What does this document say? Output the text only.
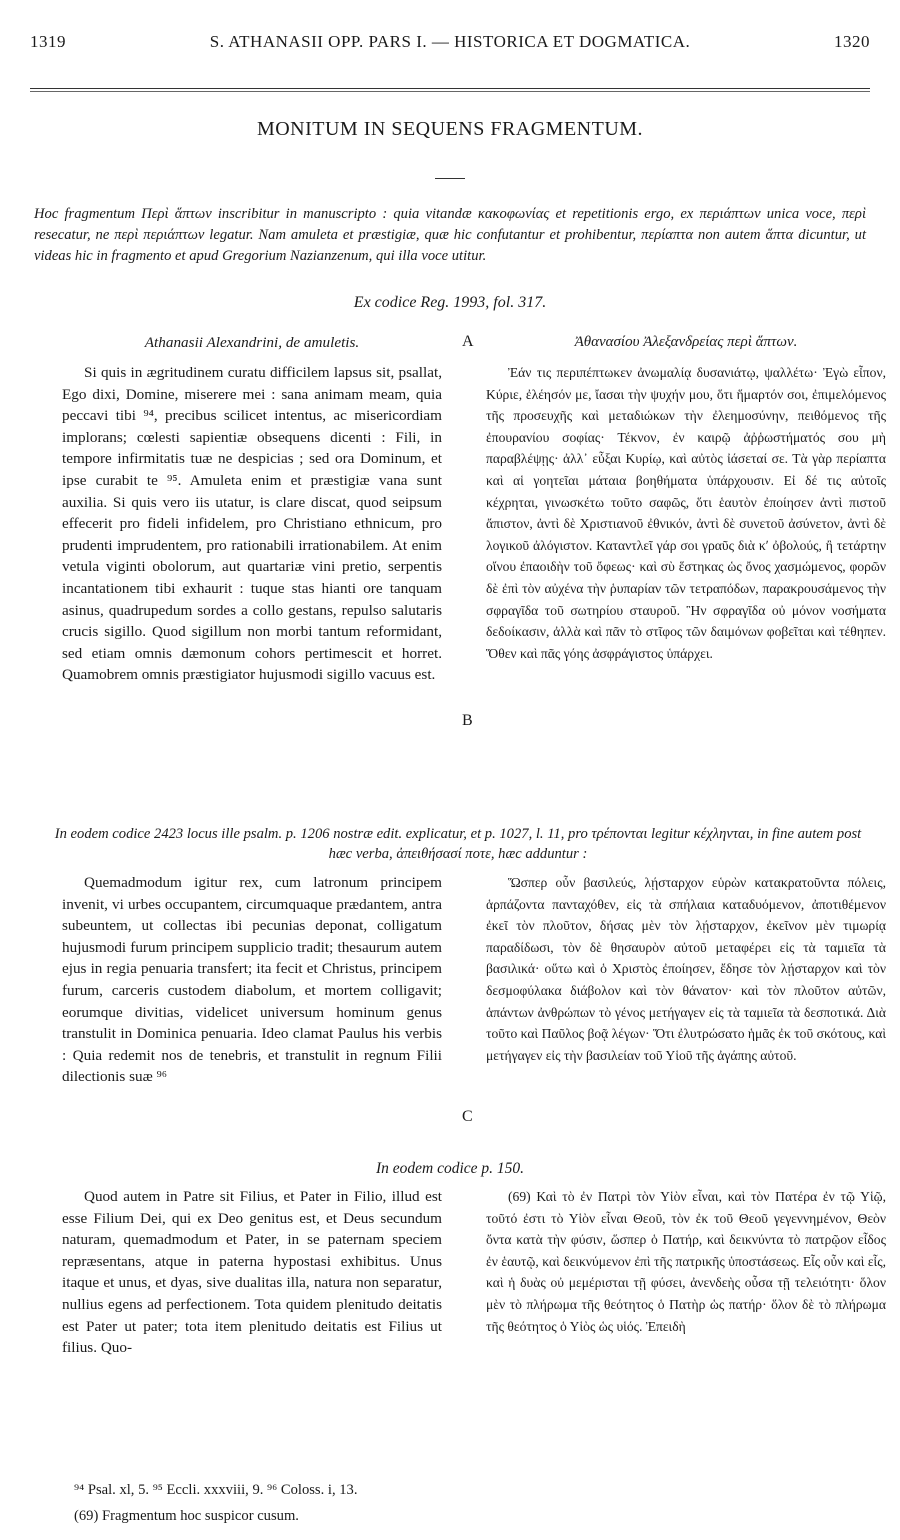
1319	S. ATHANASII OPP. PARS I. — HISTORICA ET DOGMATICA.	1320
MONITUM IN SEQUENS FRAGMENTUM.
Hoc fragmentum Περὶ ἅπτων inscribitur in manuscripto : quia vitandæ κακοφωνίας et repetitionis ergo, ex περιάπτων unica voce, περὶ resecatur, ne περὶ περιάπτων legatur. Nam amuleta et præstigiæ, quæ hic confutantur et prohibentur, περίαπτα non autem ἅπτα dicuntur, ut videas hic in fragmento et apud Gregorium Nazianzenum, qui illa voce utitur.
Ex codice Reg. 1993, fol. 317.
Athanasii Alexandrini, de amuletis.	A	Ἀθανασίου Ἀλεξανδρείας περὶ ἅπτων.

Si quis in ægritudinem curatu difficilem lapsus sit, psallat, Ego dixi, Domine, miserere mei : sana animam meam, quia peccavi tibi ⁹⁴, precibus scilicet intentus, ac misericordiam implorans; cœlesti sapientiæ obsequens dicenti : Fili, in tempore infirmitatis tuæ ne despicias ; sed ora Dominum, et ipse curabit te ⁹⁵. Amuleta enim et præstigiæ vana sunt auxilia. Si quis vero iis utatur, is clare discat, quod seipsum effecerit pro fideli infidelem, pro Christiano ethnicum, pro prudenti imprudentem, pro rationabili irrationabilem. At enim vetula viginti obolorum, aut quartariæ vini pretio, serpentis incantationem tibi exhaurit : tuque stas hianti ore tanquam asinus, quadrupedum sordes a collo gestans, repulso salutaris crucis sigillo. Quod sigillum non morbi tantum reformidant, sed etiam omnis dæmonum cohors pertimescit et horret. Quamobrem omnis præstigiator hujusmodi sigillo vacuus est.

B

Ἐάν τις περιπέπτωκεν ἀνωμαλίᾳ δυσανιάτῳ, ψαλλέτω· Ἐγὼ εἶπον, Κύριε, ἐλέησόν με, ἴασαι τὴν ψυχήν μου, ὅτι ἥμαρτόν σοι, ἐπιμελόμενος τῆς προσευχῆς καὶ μεταδιώκων τὴν ἐλεημοσύνην, πειθόμενος τῆς ἐπουρανίου σοφίας· Τέκνον, ἐν καιρῷ ἀῤῥωστήματός σου μὴ παραβλέψῃς· ἀλλ᾽ εὖξαι Κυρίῳ, καὶ αὐτὸς ἰάσεταί σε. Τὰ γὰρ περίαπτα καὶ αἱ γοητεῖαι μάταια βοηθήματα ὑπάρχουσιν. Εἰ δέ τις αὐτοῖς κέχρηται, γινωσκέτω τοῦτο σαφῶς, ὅτι ἑαυτὸν ἐποίησεν ἀντὶ πιστοῦ ἄπιστον, ἀντὶ δὲ Χριστιανοῦ ἐθνικόν, ἀντὶ δὲ συνετοῦ ἀσύνετον, ἀντὶ δὲ λογικοῦ ἀλόγιστον. Καταντλεῖ γάρ σοι γραῦς διὰ κʹ ὀβολούς, ἢ τετάρτην οἴνου ἐπαοιδὴν τοῦ ὄφεως· καὶ σὺ ἕστηκας ὡς ὄνος χασμώμενος, φορῶν δὲ ἐπὶ τὸν αὐχένα τὴν ῥυπαρίαν τῶν τετραπόδων, παρακρουσάμενος τὴν σφραγῖδα τοῦ σωτηρίου σταυροῦ. Ἣν σφραγῖδα οὐ μόνον νοσήματα δεδοίκασιν, ἀλλὰ καὶ πᾶν τὸ στῖφος τῶν δαιμόνων φοβεῖται καὶ τέθηπεν. Ὅθεν καὶ πᾶς γόης ἀσφράγιστος ὑπάρχει.

In eodem codice 2423 locus ille psalm. p. 1206 nostræ edit. explicatur, et p. 1027, l. 11, pro τρέπονται legitur κέχληνται, in fine autem post hæc verba, ἀπειθήσασί ποτε, hæc adduntur :

Quemadmodum igitur rex, cum latronum principem invenit, vi urbes occupantem, circumquaque prædantem, antra subeuntem, ut collectas ibi pecunias deponat, colligatum hujusmodi furum principem supplicio tradit; thesaurum autem ejus in regia penuaria transfert; ita fecit et Christus, principem furum, carceris custodem diabolum, et mortem colligavit; eorumque divitias, videlicet universum hominum genus transtulit in Dominica penuaria. Ideo clamat Paulus his verbis : Quia redemit nos de tenebris, et transtulit in regnum Filii dilectionis suæ ⁹⁶

C

Ὥσπερ οὖν βασιλεύς, λῄσταρχον εὑρὼν κατακρατοῦντα πόλεις, ἁρπάζοντα πανταχόθεν, εἰς τὰ σπήλαια καταδυόμενον, ἀποτιθέμενον ἐκεῖ τὸν πλοῦτον, δήσας μὲν τὸν λῄσταρχον, ἐκεῖνον μὲν τιμωρίᾳ παραδίδωσι, τὸν δὲ θησαυρὸν αὐτοῦ μεταφέρει εἰς τὰ ταμιεῖα τὰ βασιλικά· οὕτω καὶ ὁ Χριστὸς ἐποίησεν, ἔδησε τὸν λῄσταρχον καὶ τὸν δεσμοφύλακα διάβολον καὶ τὸν θάνατον· καὶ τὸν πλοῦτον αὐτῶν, ἁπάντων ἀνθρώπων τὸ γένος μετήγαγεν εἰς τὰ ταμιεῖα τὰ δεσποτικά. Διὰ τοῦτο καὶ Παῦλος βοᾷ λέγων· Ὅτι ἐλυτρώσατο ἡμᾶς ἐκ τοῦ σκότους, καὶ μετήγαγεν εἰς τὴν βασιλείαν τοῦ Υἱοῦ τῆς ἀγάπης αὐτοῦ.

In eodem codice p. 150.

Quod autem in Patre sit Filius, et Pater in Filio, illud est esse Filium Dei, qui ex Deo genitus est, et Deus secundum naturam, quemadmodum et Pater, in se paternam speciem repræsentans, atque in paterna hypostasi exhibitus. Unus itaque et unus, et dyas, sive dualitas illa, natura non separatur, nullius egens ad perfectionem. Tota quidem plenitudo deitatis est Pater ut pater; tota item plenitudo deitatis est Filius ut filius. Quo-

(69) Καὶ τὸ ἐν Πατρὶ τὸν Υἱὸν εἶναι, καὶ τὸν Πατέρα ἐν τῷ Υἱῷ, τοῦτό ἐστι τὸ Υἱὸν εἶναι Θεοῦ, τὸν ἐκ τοῦ Θεοῦ γεγεννημένον, Θεὸν ὄντα κατὰ τὴν φύσιν, ὥσπερ ὁ Πατήρ, καὶ δεικνύντα τὸ πατρῷον εἶδος ἐν ἑαυτῷ, καὶ δεικνύμενον ἐπὶ τῆς πατρικῆς ὑποστάσεως. Εἷς οὖν καὶ εἷς, καὶ ἡ δυὰς οὐ μεμέρισται τῇ φύσει, ἀνενδεὴς οὖσα τῇ τελειότητι· ὅλον μὲν τὸ πλήρωμα τῆς θεότητος ὁ Πατὴρ ὡς πατήρ· ὅλον δὲ τὸ πλήρωμα τῆς θεότητος ὁ Υἱὸς ὡς υἱός. Ἐπειδὴ

⁹⁴ Psal. xl, 5. ⁹⁵ Eccli. xxxviii, 9. ⁹⁶ Coloss. i, 13.
(69) Fragmentum hoc suspicor cusum.
